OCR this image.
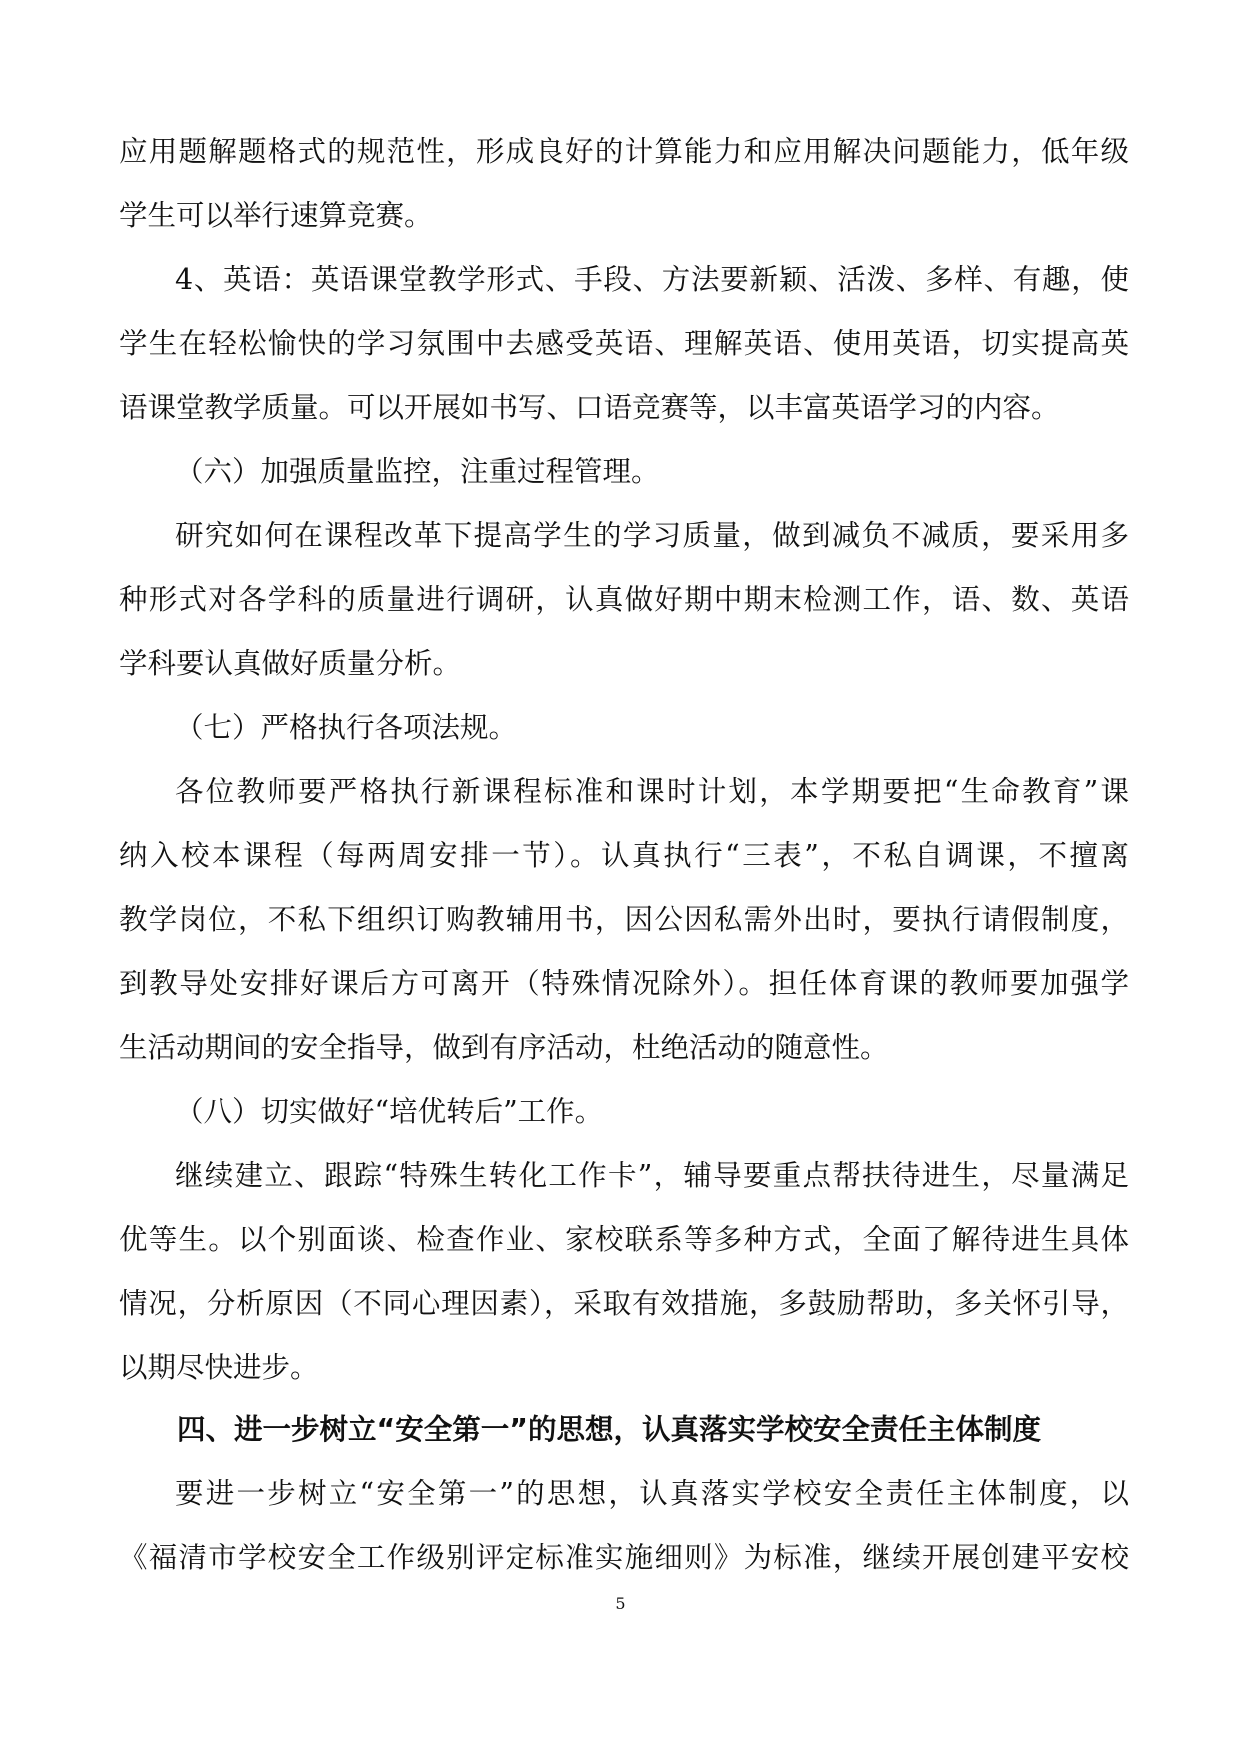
应用题解题格式的规范性，形成良好的计算能力和应用解决问题能力，低年级
学生可以举行速算竞赛。
4、英语：英语课堂教学形式、手段、方法要新颖、活泼、多样、有趣，使
学生在轻松愉快的学习氛围中去感受英语、理解英语、使用英语，切实提高英
语课堂教学质量。可以开展如书写、口语竞赛等，以丰富英语学习的内容。
（六）加强质量监控，注重过程管理。
研究如何在课程改革下提高学生的学习质量，做到减负不减质，要采用多
种形式对各学科的质量进行调研，认真做好期中期末检测工作，语、数、英语
学科要认真做好质量分析。
（七）严格执行各项法规。
各位教师要严格执行新课程标准和课时计划，本学期要把“生命教育”课
纳入校本课程（每两周安排一节）。认真执行“三表”，不私自调课，不擅离
教学岗位，不私下组织订购教辅用书，因公因私需外出时，要执行请假制度，
到教导处安排好课后方可离开（特殊情况除外）。担任体育课的教师要加强学
生活动期间的安全指导，做到有序活动，杜绝活动的随意性。
（八）切实做好“培优转后”工作。
继续建立、跟踪“特殊生转化工作卡”，辅导要重点帮扶待进生，尽量满足
优等生。以个别面谈、检查作业、家校联系等多种方式，全面了解待进生具体
情况，分析原因（不同心理因素），采取有效措施，多鼓励帮助，多关怀引导，
以期尽快进步。
四、进一步树立“安全第一”的思想，认真落实学校安全责任主体制度
要进一步树立“安全第一”的思想，认真落实学校安全责任主体制度，以
《福清市学校安全工作级别评定标准实施细则》为标准，继续开展创建平安校
5
